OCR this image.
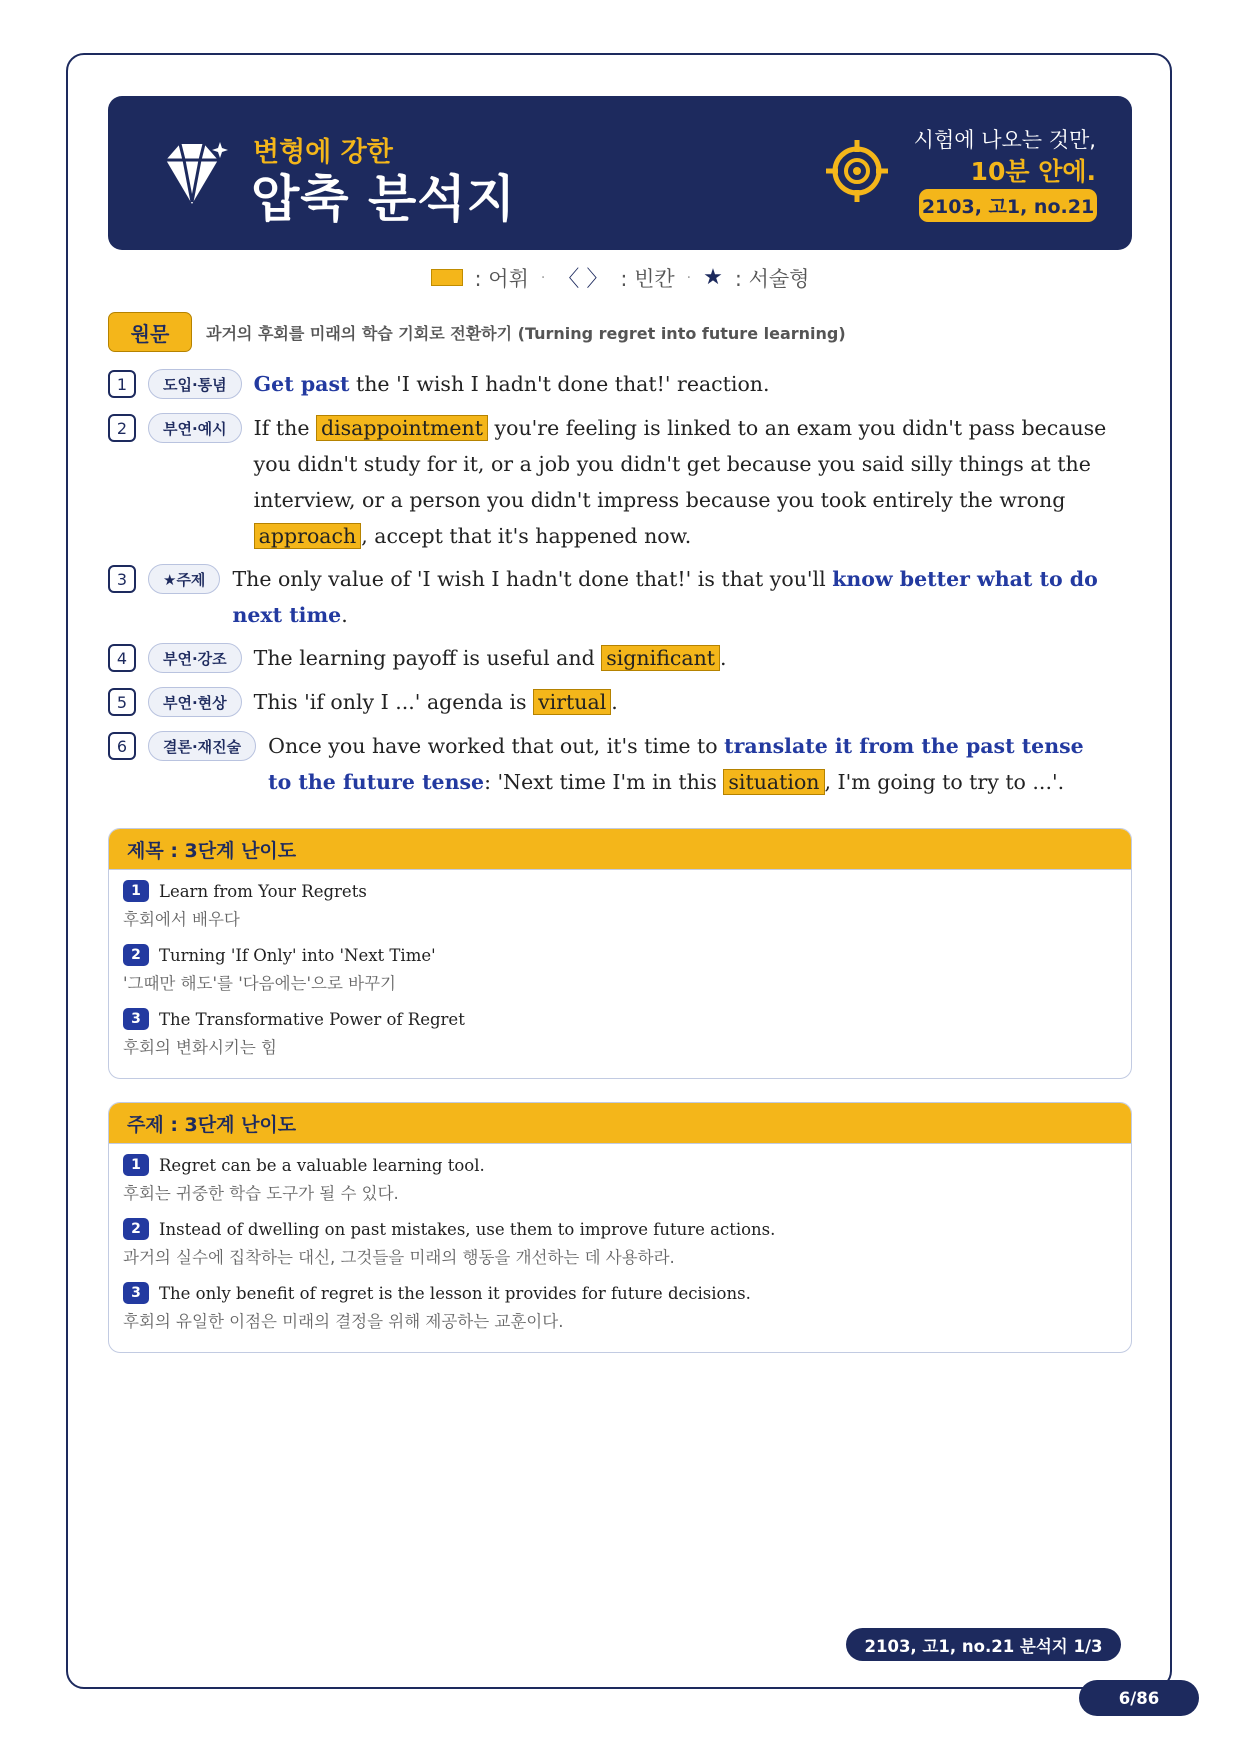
변형에 강한
압축 분석지
시험에 나오는 것만,
10분 안에.
2103, 고1, no.21
: 어휘 · 〈 〉 : 빈칸 · ★ : 서술형
원문	과거의 후회를 미래의 학습 기회로 전환하기 (Turning regret into future learning)
1	도입·통념	Get past the 'I wish I hadn't done that!' reaction.
2	부연·예시	If the disappointment you're feeling is linked to an exam you didn't pass because you didn't study for it, or a job you didn't get because you said silly things at the interview, or a person you didn't impress because you took entirely the wrong approach , accept that it's happened now.
3	★주제	The only value of 'I wish I hadn't done that!' is that you'll know better what to do next time.
4	부연·강조	The learning payoff is useful and significant .
5	부연·현상	This 'if only I ...' agenda is virtual .
6	결론·재진술	Once you have worked that out, it's time to translate it from the past tense to the future tense: 'Next time I'm in this situation , I'm going to try to ...'.
제목 : 3단계 난이도
1	Learn from Your Regrets
후회에서 배우다
2	Turning 'If Only' into 'Next Time'
'그때만 해도'를 '다음에는'으로 바꾸기
3	The Transformative Power of Regret
후회의 변화시키는 힘
주제 : 3단계 난이도
1	Regret can be a valuable learning tool.
후회는 귀중한 학습 도구가 될 수 있다.
2	Instead of dwelling on past mistakes, use them to improve future actions.
과거의 실수에 집착하는 대신, 그것들을 미래의 행동을 개선하는 데 사용하라.
3	The only benefit of regret is the lesson it provides for future decisions.
후회의 유일한 이점은 미래의 결정을 위해 제공하는 교훈이다.
2103, 고1, no.21 분석지 1/3
6/86
